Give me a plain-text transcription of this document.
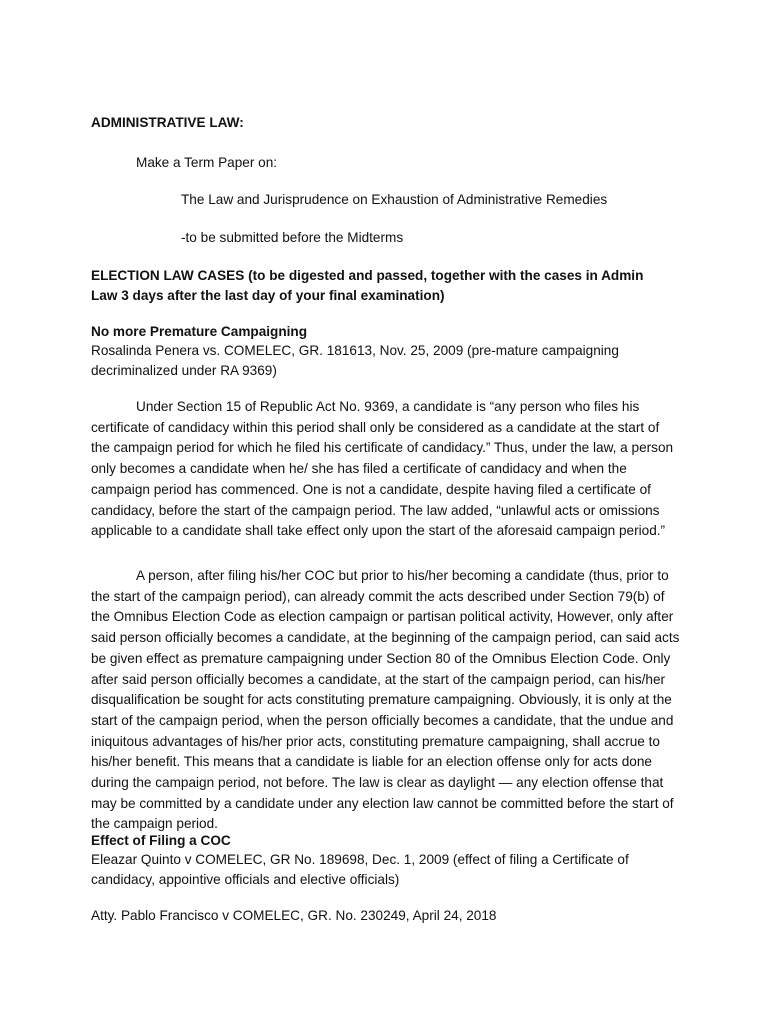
ADMINISTRATIVE LAW:

Make a Term Paper on:

The Law and Jurisprudence on Exhaustion of Administrative Remedies

-to be submitted before the Midterms

ELECTION LAW CASES (to be digested and passed, together with the cases in Admin Law 3 days after the last day of your final examination)

No more Premature Campaigning

Rosalinda Penera vs. COMELEC, GR. 181613, Nov. 25, 2009 (pre-mature campaigning decriminalized under RA 9369)

Under Section 15 of Republic Act No. 9369, a candidate is “any person who files his certificate of candidacy within this period shall only be considered as a candidate at the start of the campaign period for which he filed his certificate of candidacy.” Thus, under the law, a person only becomes a candidate when he/ she has filed a certificate of candidacy and when the campaign period has commenced. One is not a candidate, despite having filed a certificate of candidacy, before the start of the campaign period. The law added, “unlawful acts or omissions applicable to a candidate shall take effect only upon the start of the aforesaid campaign period.”

A person, after filing his/her COC but prior to his/her becoming a candidate (thus, prior to the start of the campaign period), can already commit the acts described under Section 79(b) of the Omnibus Election Code as election campaign or partisan political activity, However, only after said person officially becomes a candidate, at the beginning of the campaign period, can said acts be given effect as premature campaigning under Section 80 of the Omnibus Election Code. Only after said person officially becomes a candidate, at the start of the campaign period, can his/her disqualification be sought for acts constituting premature campaigning. Obviously, it is only at the start of the campaign period, when the person officially becomes a candidate, that the undue and iniquitous advantages of his/her prior acts, constituting premature campaigning, shall accrue to his/her benefit. This means that a candidate is liable for an election offense only for acts done during the campaign period, not before. The law is clear as daylight — any election offense that may be committed by a candidate under any election law cannot be committed before the start of the campaign period.

Effect of Filing a COC

Eleazar Quinto v COMELEC, GR No. 189698, Dec. 1, 2009 (effect of filing a Certificate of candidacy, appointive officials and elective officials)

Atty. Pablo Francisco v COMELEC, GR. No. 230249, April 24, 2018
